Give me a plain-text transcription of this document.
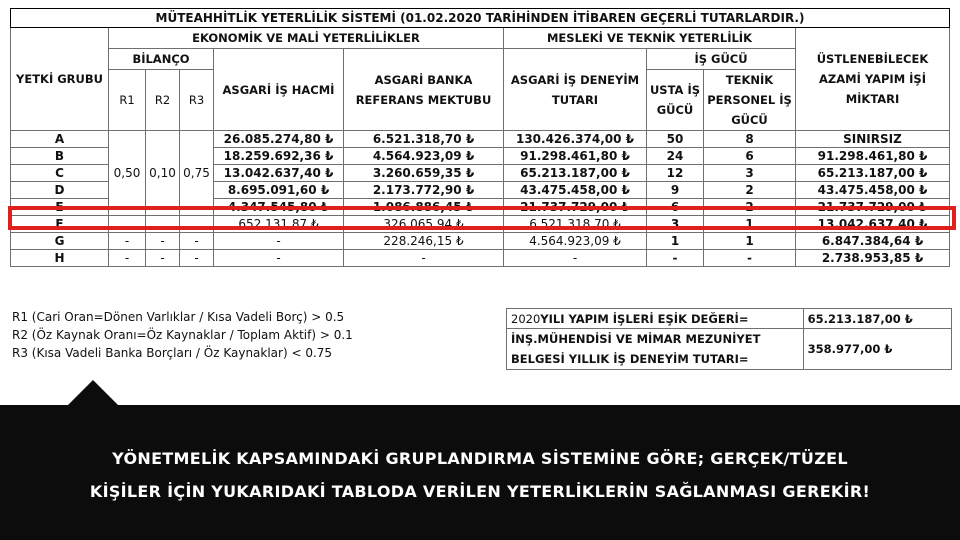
MÜTEAHHİTLİK YETERLİLİK SİSTEMİ (01.02.2020 TARİHİNDEN İTİBAREN GEÇERLİ TUTARLARDIR.)									
YETKİ GRUBU	EKONOMİK VE MALİ YETERLİLİKLER					MESLEKİ VE TEKNİK YETERLİLİK			ÜSTLENEBİLECEK AZAMİ YAPIM İŞİ MİKTARI
	BİLANÇO			ASGARİ İŞ HACMİ	ASGARİ BANKA REFERANS MEKTUBU	ASGARİ İŞ DENEYİM TUTARI	İŞ GÜCÜ		
	R1	R2	R3				USTA İŞ GÜCÜ	TEKNİK PERSONEL İŞ GÜCÜ	

A	0,50	0,10	0,75	26.085.274,80 ₺	6.521.318,70 ₺	130.426.374,00 ₺	50	8	SINIRSIZ
B				18.259.692,36 ₺	4.564.923,09 ₺	91.298.461,80 ₺	24	6	91.298.461,80 ₺
C				13.042.637,40 ₺	3.260.659,35 ₺	65.213.187,00 ₺	12	3	65.213.187,00 ₺
D				8.695.091,60 ₺	2.173.772,90 ₺	43.475.458,00 ₺	9	2	43.475.458,00 ₺
E				4.347.545,80 ₺	1.086.886,45 ₺	21.737.729,00 ₺	6	2	21.737.729,00 ₺
F				652.131,87 ₺	326.065,94 ₺	6.521.318,70 ₺	3	1	13.042.637,40 ₺
G	-	-	-	-	228.246,15 ₺	4.564.923,09 ₺	1	1	6.847.384,64 ₺
H	-	-	-	-	-	-	-	-	2.738.953,85 ₺
R1 (Cari Oran=Dönen Varlıklar / Kısa Vadeli Borç) > 0.5
R2 (Öz Kaynak Oranı=Öz Kaynaklar / Toplam Aktif) > 0.1
R3 (Kısa Vadeli Banka Borçları / Öz Kaynaklar) < 0.75
2020YILI YAPIM İŞLERİ EŞİK DEĞERİ=	65.213.187,00 ₺

İNŞ.MÜHENDİSİ VE MİMAR MEZUNİYET
BELGESİ YILLIK İŞ DENEYİM TUTARI=	358.977,00 ₺
YÖNETMELİK KAPSAMINDAKİ GRUPLANDIRMA SİSTEMİNE GÖRE; GERÇEK/TÜZEL
KİŞİLER İÇİN YUKARIDAKİ TABLODA VERİLEN YETERLİKLERİN SAĞLANMASI GEREKİR!
